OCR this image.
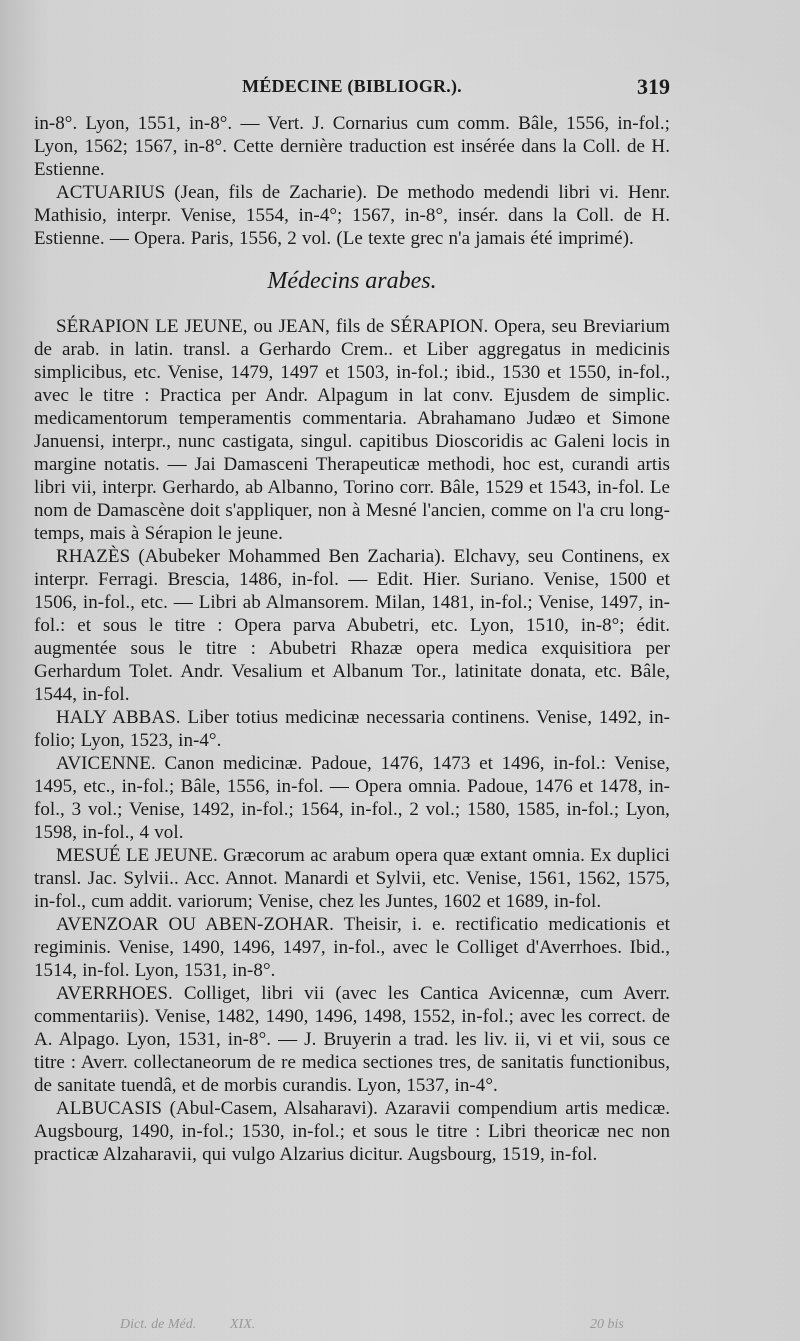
MÉDECINE (BIBLIOGR.).	319

in-8°. Lyon, 1551, in-8°. — Vert. J. Cornarius cum comm. Bâle, 1556, in-fol.; Lyon, 1562; 1567, in-8°. Cette dernière traduction est insérée dans la Coll. de H. Estienne.

ACTUARIUS (Jean, fils de Zacharie). De methodo medendi libri vi. Henr. Mathisio, interpr. Venise, 1554, in-4°; 1567, in-8°, insér. dans la Coll. de H. Estienne. — Opera. Paris, 1556, 2 vol. (Le texte grec n'a jamais été imprimé).

Médecins arabes.

SÉRAPION LE JEUNE, ou JEAN, fils de SÉRAPION. Opera, seu Breviarium de arab. in latin. transl. a Gerhardo Crem.. et Liber aggregatus in medicinis simplicibus, etc. Venise, 1479, 1497 et 1503, in-fol.; ibid., 1530 et 1550, in-fol., avec le titre : Practica per Andr. Alpagum in lat conv. Ejusdem de simplic. medicamentorum temperamentis commentaria. Abrahamano Judæo et Simone Januensi, interpr., nunc castigata, singul. capitibus Dioscoridis ac Galeni locis in margine notatis. — Jai Damasceni Therapeuticæ methodi, hoc est, curandi artis libri vii, interpr. Gerhardo, ab Albanno, Torino corr. Bâle, 1529 et 1543, in-fol. Le nom de Damascène doit s'appliquer, non à Mesné l'ancien, comme on l'a cru long-temps, mais à Sérapion le jeune.

RHAZÈS (Abubeker Mohammed Ben Zacharia). Elchavy, seu Continens, ex interpr. Ferragi. Brescia, 1486, in-fol. — Edit. Hier. Suriano. Venise, 1500 et 1506, in-fol., etc. — Libri ab Almansorem. Milan, 1481, in-fol.; Venise, 1497, in-fol.: et sous le titre : Opera parva Abubetri, etc. Lyon, 1510, in-8°; édit. augmentée sous le titre : Abubetri Rhazæ opera medica exquisitiora per Gerhardum Tolet. Andr. Vesalium et Albanum Tor., latinitate donata, etc. Bâle, 1544, in-fol.

HALY ABBAS. Liber totius medicinæ necessaria continens. Venise, 1492, in-folio; Lyon, 1523, in-4°.

AVICENNE. Canon medicinæ. Padoue, 1476, 1473 et 1496, in-fol.: Venise, 1495, etc., in-fol.; Bâle, 1556, in-fol. — Opera omnia. Padoue, 1476 et 1478, in-fol., 3 vol.; Venise, 1492, in-fol.; 1564, in-fol., 2 vol.; 1580, 1585, in-fol.; Lyon, 1598, in-fol., 4 vol.

MESUÉ LE JEUNE. Græcorum ac arabum opera quæ extant omnia. Ex duplici transl. Jac. Sylvii.. Acc. Annot. Manardi et Sylvii, etc. Venise, 1561, 1562, 1575, in-fol., cum addit. variorum; Venise, chez les Juntes, 1602 et 1689, in-fol.

AVENZOAR OU ABEN-ZOHAR. Theisir, i. e. rectificatio medicationis et regiminis. Venise, 1490, 1496, 1497, in-fol., avec le Colliget d'Averrhoes. Ibid., 1514, in-fol. Lyon, 1531, in-8°.

AVERRHOES. Colliget, libri vii (avec les Cantica Avicennæ, cum Averr. commentariis). Venise, 1482, 1490, 1496, 1498, 1552, in-fol.; avec les correct. de A. Alpago. Lyon, 1531, in-8°. — J. Bruyerin a trad. les liv. ii, vi et vii, sous ce titre : Averr. collectaneorum de re medica sectiones tres, de sanitatis functionibus, de sanitate tuendâ, et de morbis curandis. Lyon, 1537, in-4°.

ALBUCASIS (Abul-Casem, Alsaharavi). Azaravii compendium artis medicæ. Augsbourg, 1490, in-fol.; 1530, in-fol.; et sous le titre : Libri theoricæ nec non practicæ Alzaharavii, qui vulgo Alzarius dicitur. Augsbourg, 1519, in-fol.

Dict. de Méd. XIX.	20 bis
